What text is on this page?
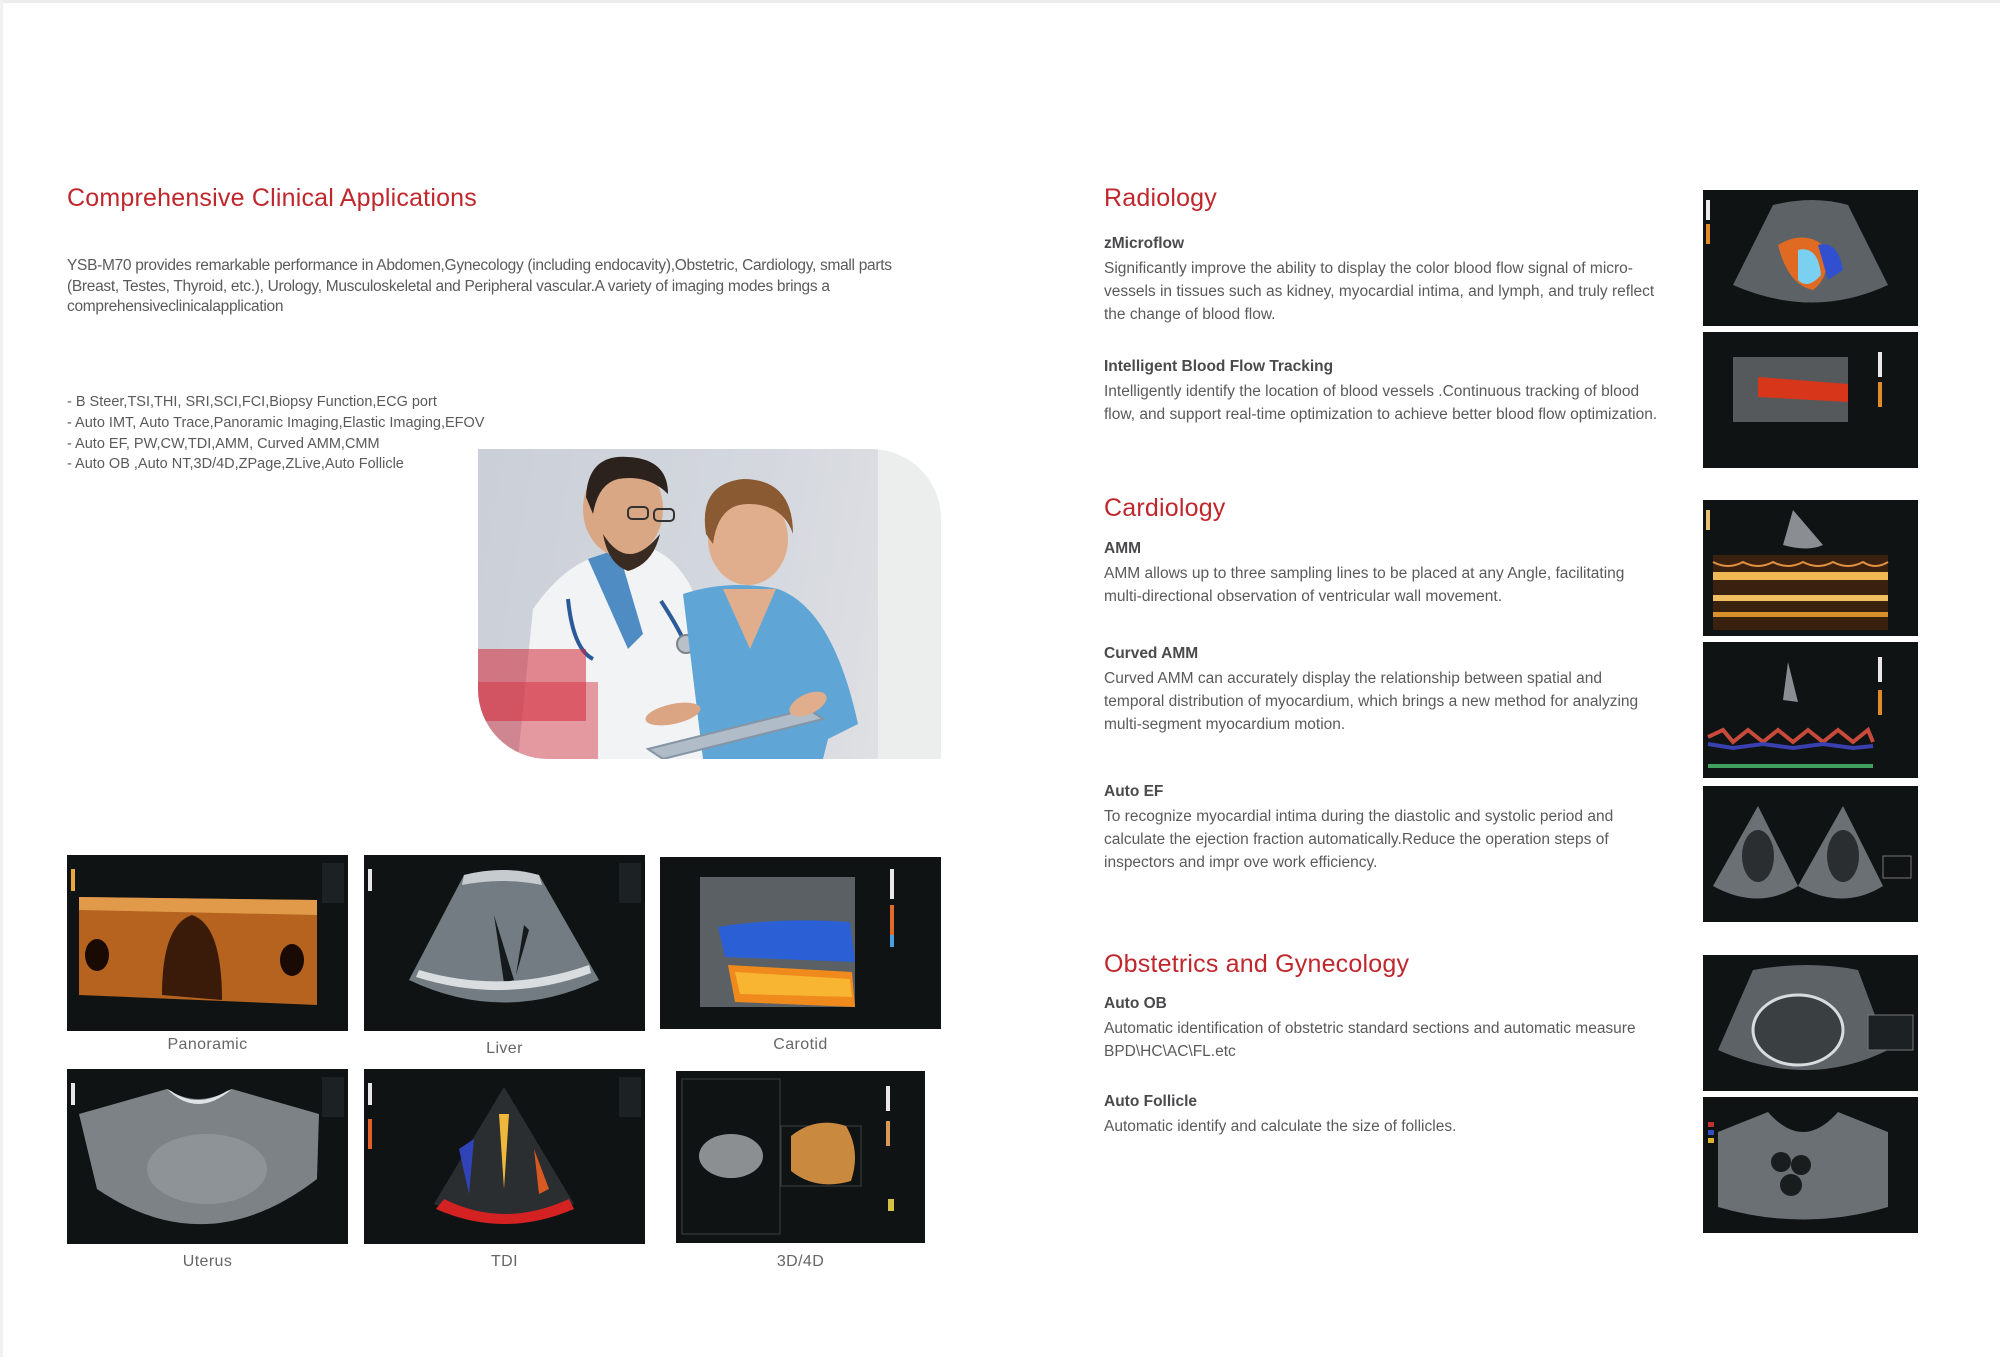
Comprehensive Clinical Applications

YSB-M70 provides remarkable performance in Abdomen,Gynecology (including endocavity),Obstetric, Cardiology, small parts (Breast, Testes, Thyroid, etc.), Urology, Musculoskeletal and Peripheral vascular.A variety of imaging modes brings a comprehensiveclinicalapplication

- B Steer,TSI,THI, SRI,SCI,FCI,Biopsy Function,ECG port
- Auto IMT, Auto Trace,Panoramic Imaging,Elastic Imaging,EFOV
- Auto EF, PW,CW,TDI,AMM, Curved AMM,CMM
- Auto OB ,Auto NT,3D/4D,ZPage,ZLive,Auto Follicle
Panoramic	Liver	Carotid
Uterus	TDI	3D/4D
Radiology
zMicroflow

Significantly improve the ability to display the color blood flow signal of micro-vessels in tissues such as kidney, myocardial intima, and lymph, and truly reflect the change of blood flow.

Intelligent Blood Flow Tracking

Intelligently identify the location of blood vessels .Continuous tracking of blood flow, and support real-time optimization to achieve better blood flow optimization.

Cardiology
AMM

AMM allows up to three sampling lines to be placed at any Angle, facilitating multi-directional observation of ventricular wall movement.

Curved AMM

Curved AMM can accurately display the relationship between spatial and temporal distribution of myocardium, which brings a new method for analyzing multi-segment myocardium motion.

Auto EF

To recognize myocardial intima during the diastolic and systolic period and calculate the ejection fraction automatically.Reduce the operation steps of inspectors and impr ove work efficiency.

Obstetrics and Gynecology
Auto OB

Automatic identification of obstetric standard sections and automatic measure BPD\HC\AC\FL.etc

Auto Follicle

Automatic identify and calculate the size of follicles.
